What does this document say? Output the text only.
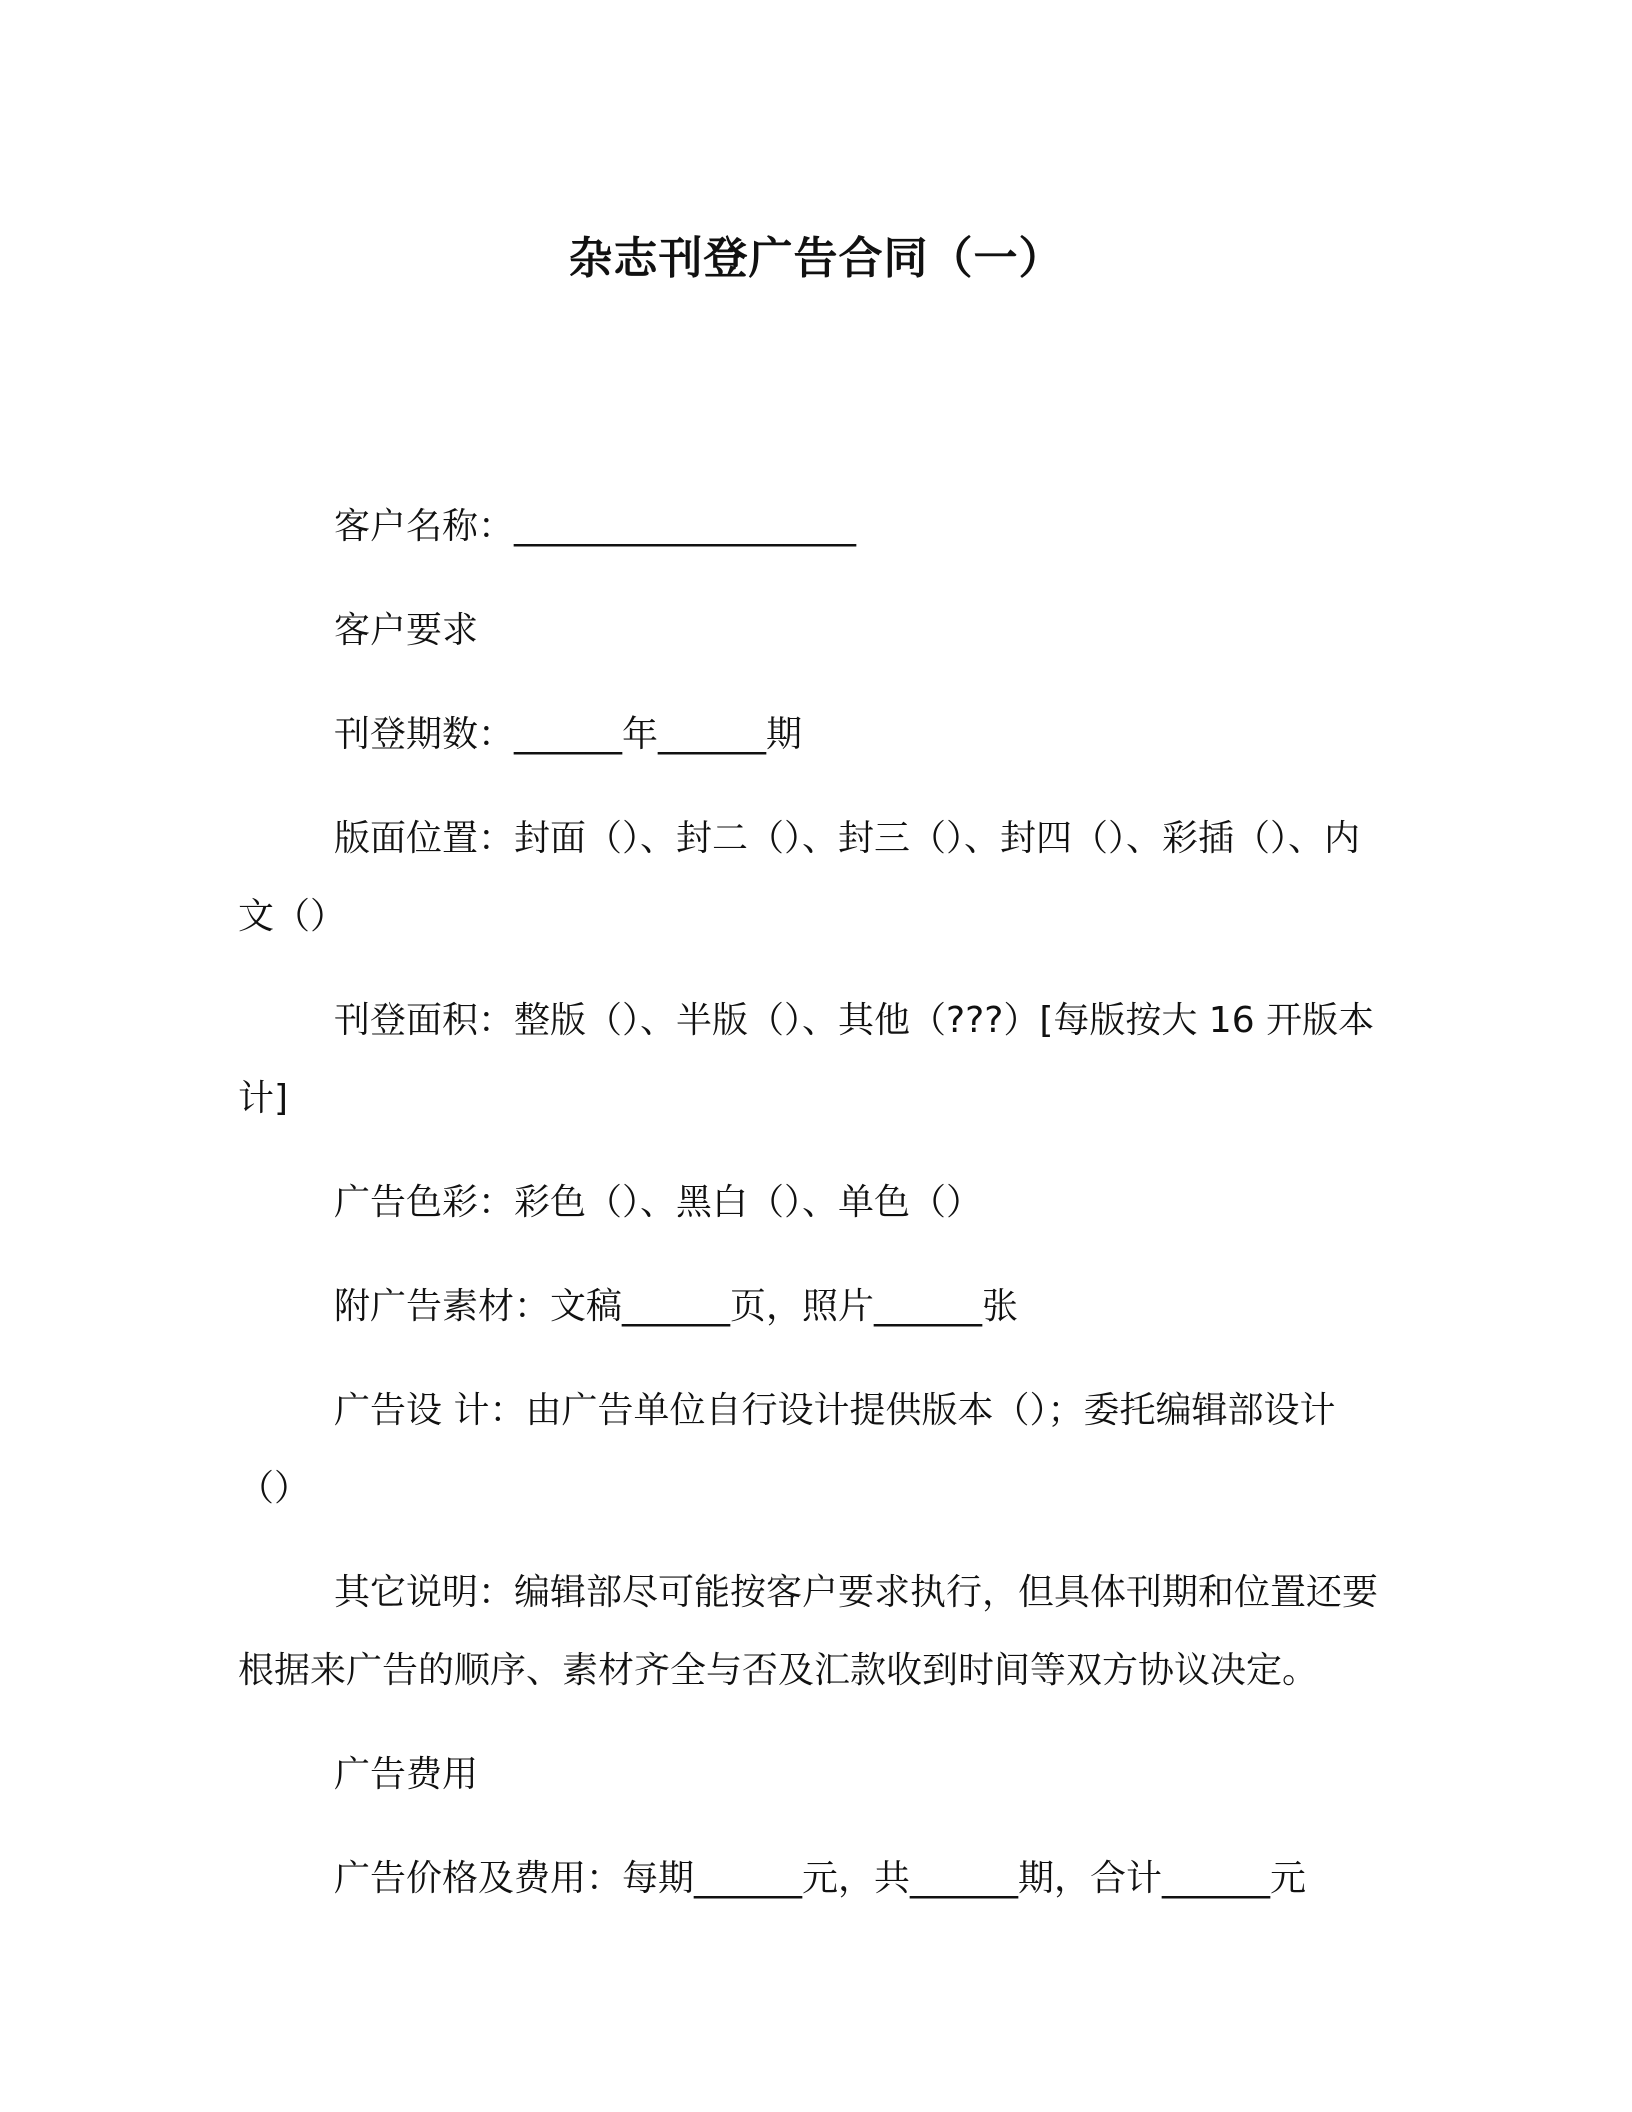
杂志刊登广告合同（一）

客户名称：___________________

客户要求

刊登期数：______年______期

版面位置：封面（）、封二（）、封三（）、封四（）、彩插（）、内文（）

刊登面积：整版（）、半版（）、其他（???）[每版按大 16 开版本计]

广告色彩：彩色（）、黑白（）、单色（）

附广告素材：文稿______页，照片______张

广告设 计：由广告单位自行设计提供版本（）；委托编辑部设计（）

其它说明：编辑部尽可能按客户要求执行，但具体刊期和位置还要根据来广告的顺序、素材齐全与否及汇款收到时间等双方协议决定。

广告费用

广告价格及费用：每期______元，共______期，合计______元
